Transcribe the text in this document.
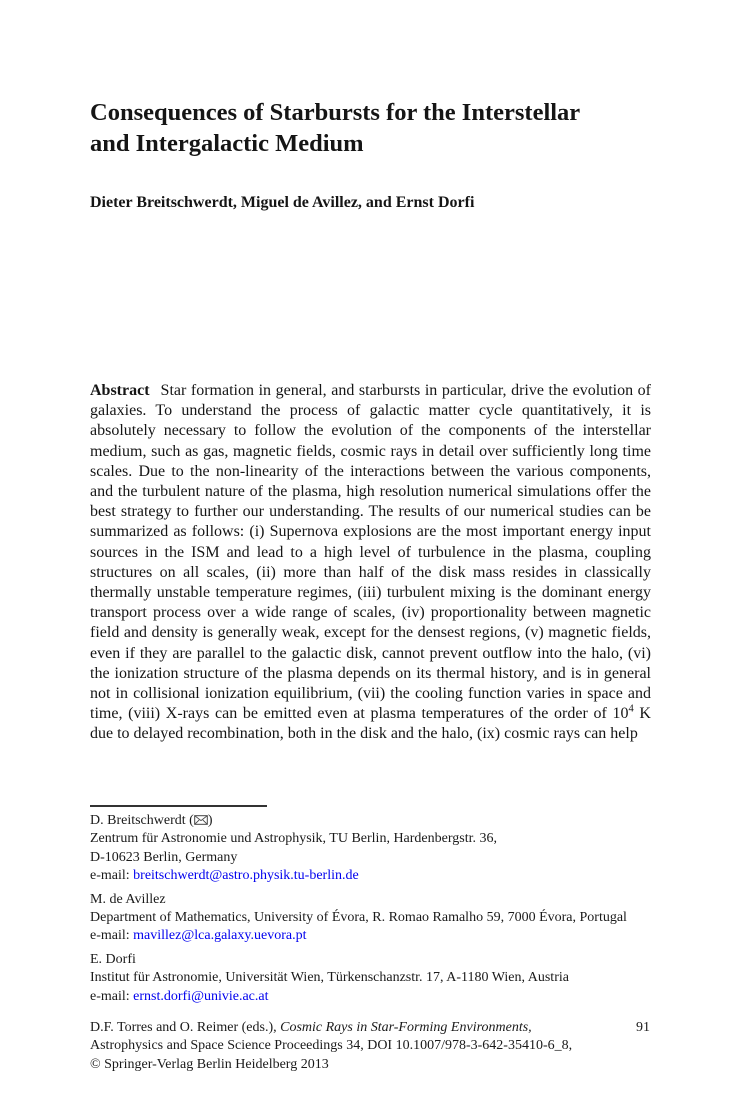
Consequences of Starbursts for the Interstellar
and Intergalactic Medium
Dieter Breitschwerdt, Miguel de Avillez, and Ernst Dorfi
Abstract Star formation in general, and starbursts in particular, drive the evolution of galaxies. To understand the process of galactic matter cycle quantitatively, it is absolutely necessary to follow the evolution of the components of the interstellar medium, such as gas, magnetic fields, cosmic rays in detail over sufficiently long time scales. Due to the non-linearity of the interactions between the various components, and the turbulent nature of the plasma, high resolution numerical simulations offer the best strategy to further our understanding. The results of our numerical studies can be summarized as follows: (i) Supernova explosions are the most important energy input sources in the ISM and lead to a high level of turbulence in the plasma, coupling structures on all scales, (ii) more than half of the disk mass resides in classically thermally unstable temperature regimes, (iii) turbulent mixing is the dominant energy transport process over a wide range of scales, (iv) proportionality between magnetic field and density is generally weak, except for the densest regions, (v) magnetic fields, even if they are parallel to the galactic disk, cannot prevent outflow into the halo, (vi) the ionization structure of the plasma depends on its thermal history, and is in general not in collisional ionization equilibrium, (vii) the cooling function varies in space and time, (viii) X-rays can be emitted even at plasma temperatures of the order of $10^4$ K due to delayed recombination, both in the disk and the halo, (ix) cosmic rays can help
D. Breitschwerdt ( )
Zentrum für Astronomie und Astrophysik, TU Berlin, Hardenbergstr. 36,
D-10623 Berlin, Germany
e-mail: breitschwerdt@astro.physik.tu-berlin.de
M. de Avillez
Department of Mathematics, University of Évora, R. Romao Ramalho 59, 7000 Évora, Portugal
e-mail: mavillez@lca.galaxy.uevora.pt
E. Dorfi
Institut für Astronomie, Universität Wien, Türkenschanzstr. 17, A-1180 Wien, Austria
e-mail: ernst.dorfi@univie.ac.at
D.F. Torres and O. Reimer (eds.), Cosmic Rays in Star-Forming Environments,	91
Astrophysics and Space Science Proceedings 34, DOI 10.1007/978-3-642-35410-6_8,
© Springer-Verlag Berlin Heidelberg 2013
